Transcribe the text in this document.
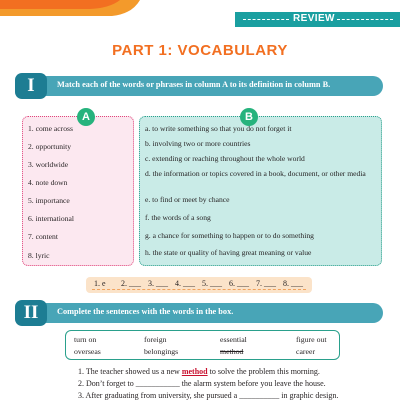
REVIEW
PART 1: VOCABULARY
I	Match each of the words or phrases in column A to its definition in column B.
A	B
1. come across
2. opportunity
3. worldwide
4. note down
5. importance
6. international
7. content
8. lyric
a. to write something so that you do not forget it
b. involving two or more countries
c. extending or reaching throughout the whole world
d. the information or topics covered in a book, document, or other media
e. to find or meet by chance
f. the words of a song
g. a chance for something to happen or to do something
h. the state or quality of having great meaning or value
1. e 2. ___ 3. ___ 4. ___ 5. ___ 6. ___ 7. ___ 8. ___
II	Complete the sentences with the words in the box.
turn on	foreign	essential	figure out
overseas	belongings	method	career
1. The teacher showed us a new method to solve the problem this morning.
2. Don’t forget to ___________ the alarm system before you leave the house.
3. After graduating from university, she pursued a __________ in graphic design.
